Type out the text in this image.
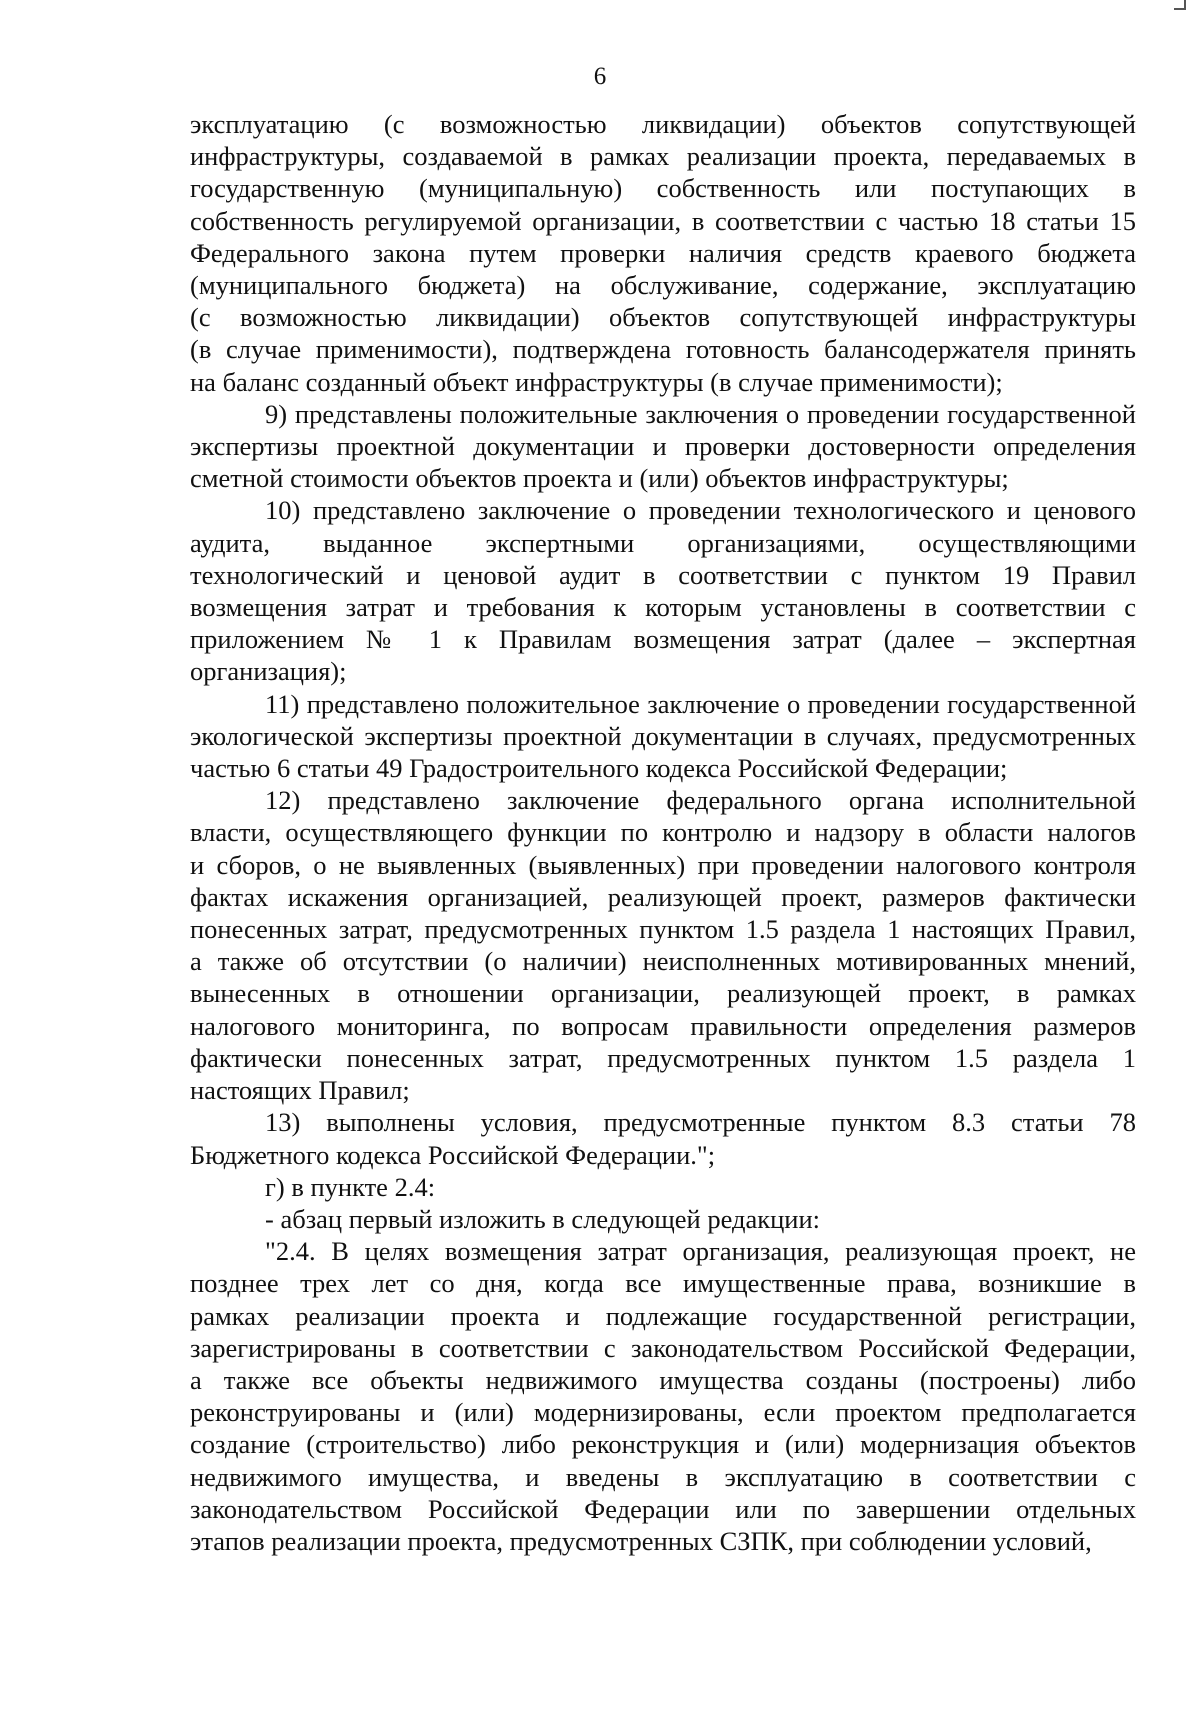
6
эксплуатацию (с возможностью ликвидации) объектов сопутствующей
инфраструктуры, создаваемой в рамках реализации проекта, передаваемых в
государственную (муниципальную) собственность или поступающих в
собственность регулируемой организации, в соответствии с частью 18 статьи 15
Федерального закона путем проверки наличия средств краевого бюджета
(муниципального бюджета) на обслуживание, содержание, эксплуатацию
(с возможностью ликвидации) объектов сопутствующей инфраструктуры
(в случае применимости), подтверждена готовность балансодержателя принять
на баланс созданный объект инфраструктуры (в случае применимости);
9) представлены положительные заключения о проведении государственной
экспертизы проектной документации и проверки достоверности определения
сметной стоимости объектов проекта и (или) объектов инфраструктуры;
10) представлено заключение о проведении технологического и ценового
аудита, выданное экспертными организациями, осуществляющими
технологический и ценовой аудит в соответствии с пунктом 19 Правил
возмещения затрат и требования к которым установлены в соответствии с
приложением № 1 к Правилам возмещения затрат (далее – экспертная
организация);
11) представлено положительное заключение о проведении государственной
экологической экспертизы проектной документации в случаях, предусмотренных
частью 6 статьи 49 Градостроительного кодекса Российской Федерации;
12) представлено заключение федерального органа исполнительной
власти, осуществляющего функции по контролю и надзору в области налогов
и сборов, о не выявленных (выявленных) при проведении налогового контроля
фактах искажения организацией, реализующей проект, размеров фактически
понесенных затрат, предусмотренных пунктом 1.5 раздела 1 настоящих Правил,
а также об отсутствии (о наличии) неисполненных мотивированных мнений,
вынесенных в отношении организации, реализующей проект, в рамках
налогового мониторинга, по вопросам правильности определения размеров
фактически понесенных затрат, предусмотренных пунктом 1.5 раздела 1
настоящих Правил;
13) выполнены условия, предусмотренные пунктом 8.3 статьи 78
Бюджетного кодекса Российской Федерации.";
г) в пункте 2.4:
- абзац первый изложить в следующей редакции:
"2.4. В целях возмещения затрат организация, реализующая проект, не
позднее трех лет со дня, когда все имущественные права, возникшие в
рамках реализации проекта и подлежащие государственной регистрации,
зарегистрированы в соответствии с законодательством Российской Федерации,
а также все объекты недвижимого имущества созданы (построены) либо
реконструированы и (или) модернизированы, если проектом предполагается
создание (строительство) либо реконструкция и (или) модернизация объектов
недвижимого имущества, и введены в эксплуатацию в соответствии с
законодательством Российской Федерации или по завершении отдельных
этапов реализации проекта, предусмотренных СЗПК, при соблюдении условий,
